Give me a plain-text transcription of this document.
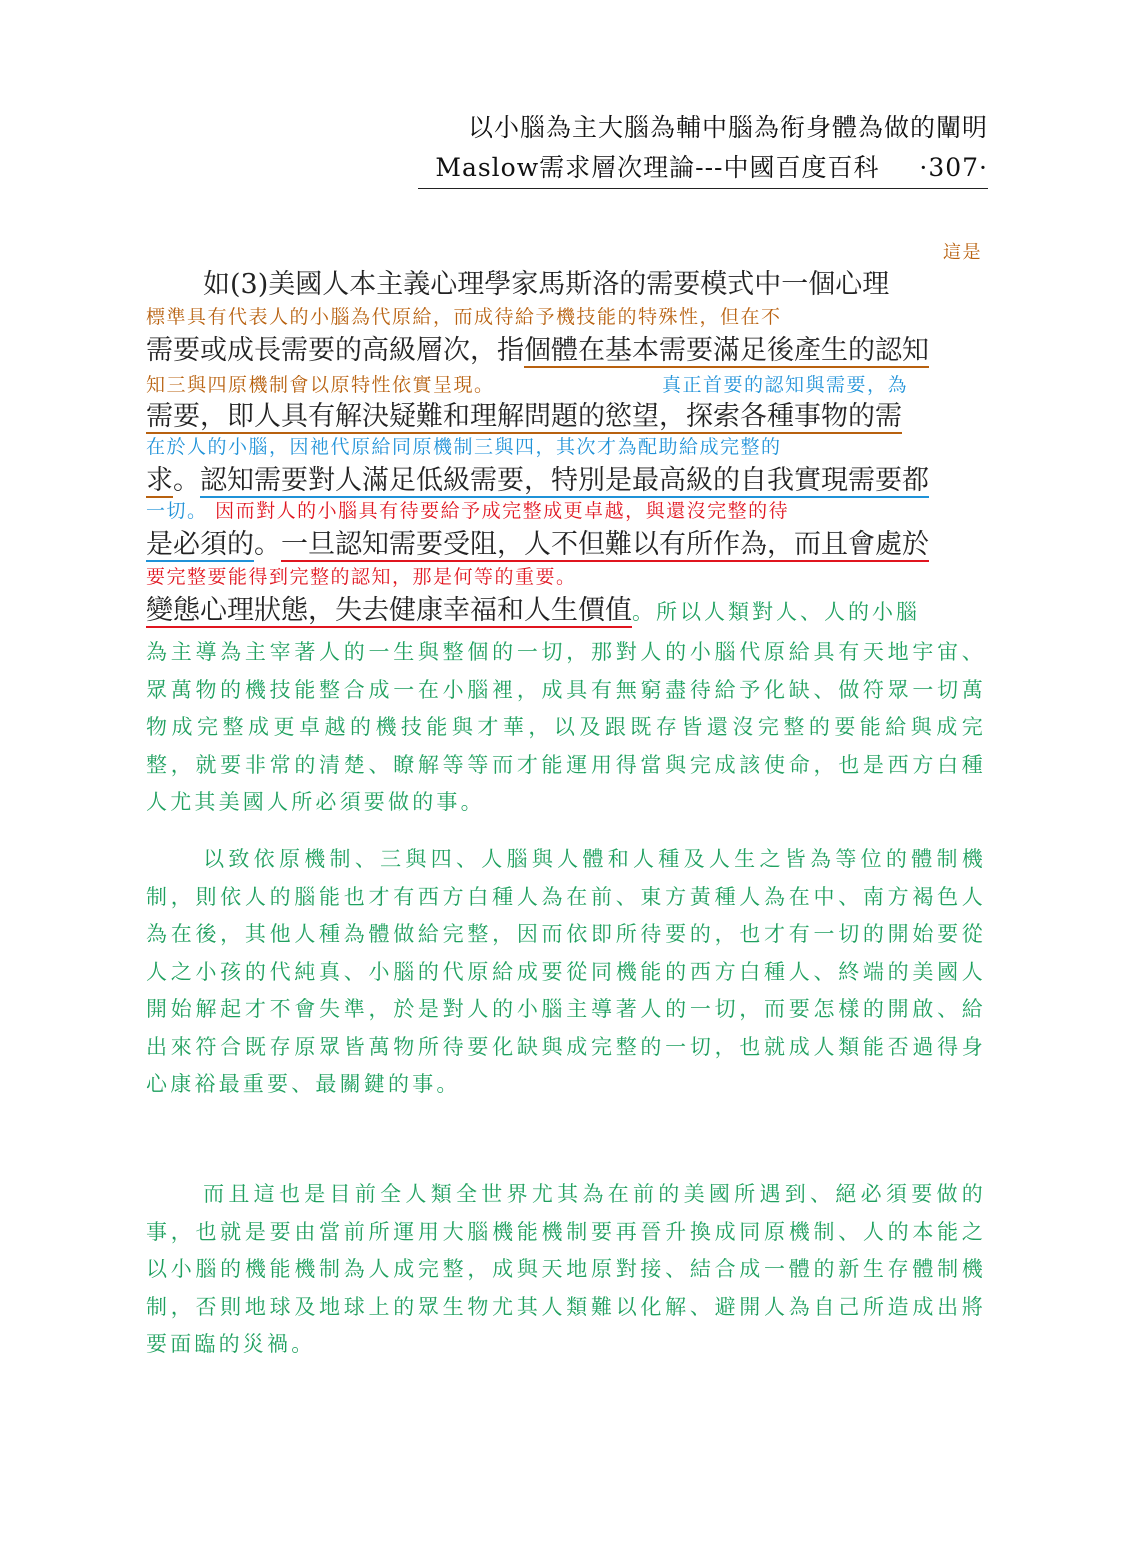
以小腦為主大腦為輔中腦為衔身體為做的闡明
Maslow需求層次理論---中國百度百科 ·307·
這是
如(3)美國人本主義心理學家馬斯洛的需要模式中一個心理
標準具有代表人的小腦為代原給，而成待給予機技能的特殊性，但在不
需要或成長需要的高級層次，指個體在基本需要滿足後產生的認知
知三與四原機制會以原特性依實呈現。	真正首要的認知與需要，為
需要，即人具有解決疑難和理解問題的慾望，探索各種事物的需
在於人的小腦，因祂代原給同原機制三與四，其次才為配助給成完整的
求。認知需要對人滿足低級需要，特別是最高級的自我實現需要都
一切。 因而對人的小腦具有待要給予成完整成更卓越，與還沒完整的待
是必須的。一旦認知需要受阻，人不但難以有所作為，而且會處於
要完整要能得到完整的認知，那是何等的重要。
變態心理狀態，失去健康幸福和人生價值。所以人類對人、人的小腦
為主導為主宰著人的一生與整個的一切，那對人的小腦代原給具有天地宇宙、眾萬物的機技能整合成一在小腦裡，成具有無窮盡待給予化缺、做符眾一切萬物成完整成更卓越的機技能與才華，以及跟既存皆還沒完整的要能給與成完整，就要非常的清楚、瞭解等等而才能運用得當與完成該使命，也是西方白種人尤其美國人所必須要做的事。
以致依原機制、三與四、人腦與人體和人種及人生之皆為等位的體制機制，則依人的腦能也才有西方白種人為在前、東方黃種人為在中、南方褐色人為在後，其他人種為體做給完整，因而依即所待要的，也才有一切的開始要從人之小孩的代純真、小腦的代原給成要從同機能的西方白種人、終端的美國人開始解起才不會失準，於是對人的小腦主導著人的一切，而要怎樣的開啟、給出來符合既存原眾皆萬物所待要化缺與成完整的一切，也就成人類能否過得身心康裕最重要、最關鍵的事。
而且這也是目前全人類全世界尤其為在前的美國所遇到、絕必須要做的事，也就是要由當前所運用大腦機能機制要再晉升換成同原機制、人的本能之以小腦的機能機制為人成完整，成與天地原對接、結合成一體的新生存體制機制，否則地球及地球上的眾生物尤其人類難以化解、避開人為自己所造成出將要面臨的災禍。
